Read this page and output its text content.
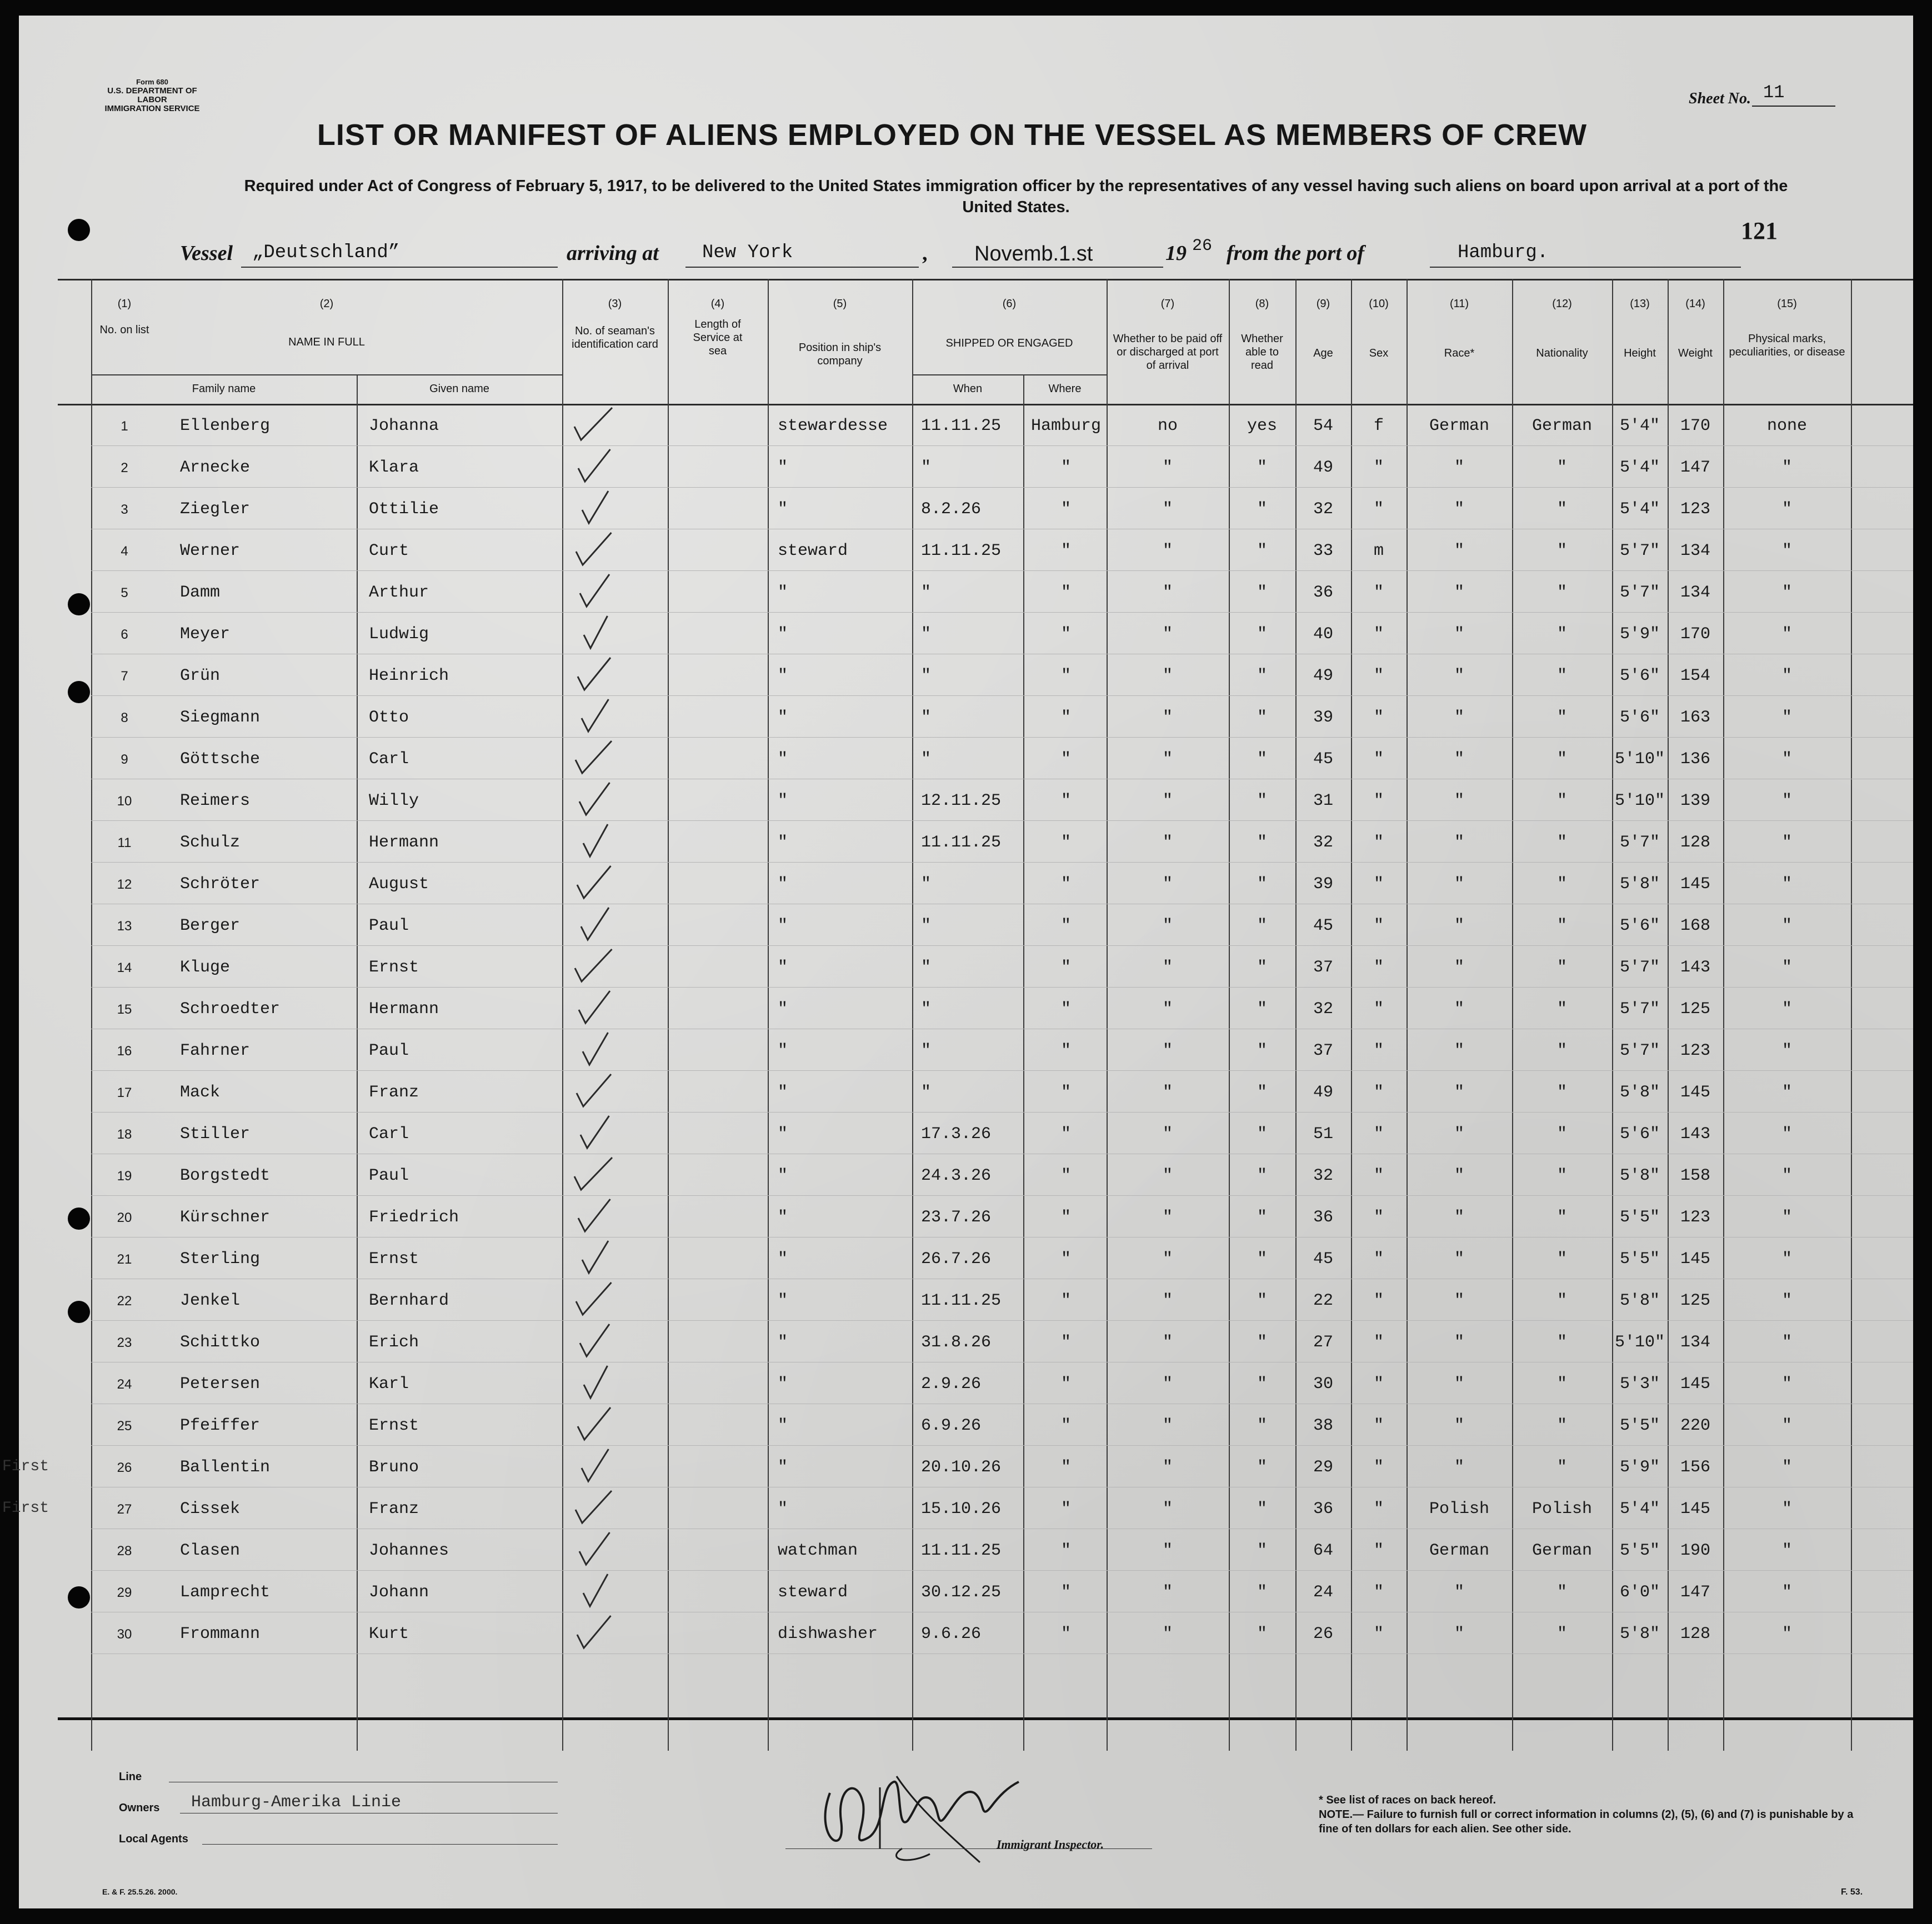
Form 680
U.S. DEPARTMENT OF LABOR
IMMIGRATION SERVICE
Sheet No. 11
LIST OR MANIFEST OF ALIENS EMPLOYED ON THE VESSEL AS MEMBERS OF CREW
Required under Act of Congress of February 5, 1917, to be delivered to the United States immigration officer by the representatives of any vessel having such aliens on board upon arrival at a port of the United States.
121
Vessel „Deutschland”	arriving at New York	, Novemb.1.st	19 26 from the port of	Hamburg.
(1)
No. on list
(2)
NAME IN FULL
Family name	Given name
(3)
No. of seaman's identification card
(4)
Length of Service at sea
(5)
Position in ship's company
(6)
SHIPPED OR ENGAGED
When	Where
(7)
Whether to be paid off or discharged at port of arrival
(8)
Whether able to read
(9)
Age
(10)
Sex
(11)
Race*
(12)
Nationality
(13)
Height
(14)
Weight
(15)
Physical marks, peculiarities, or disease
1	Ellenberg	Johanna	stewardesse	11.11.25	Hamburg	no	yes	54	f	German	German	5'4"	170	none
2	Arnecke	Klara	"	"	"	"	"	49	"	"	"	5'4"	147	"
3	Ziegler	Ottilie	"	8.2.26	"	"	"	32	"	"	"	5'4"	123	"
4	Werner	Curt	steward	11.11.25	"	"	"	33	m	"	"	5'7"	134	"
5	Damm	Arthur	"	"	"	"	"	36	"	"	"	5'7"	134	"
6	Meyer	Ludwig	"	"	"	"	"	40	"	"	"	5'9"	170	"
7	Grün	Heinrich	"	"	"	"	"	49	"	"	"	5'6"	154	"
8	Siegmann	Otto	"	"	"	"	"	39	"	"	"	5'6"	163	"
9	Göttsche	Carl	"	"	"	"	"	45	"	"	"	5'10" 136	"
10	Reimers	Willy	"	12.11.25	"	"	"	31	"	"	"	5'10" 139	"
11	Schulz	Hermann	"	11.11.25	"	"	"	32	"	"	"	5'7"	128	"
12	Schröter	August	"	"	"	"	"	39	"	"	"	5'8"	145	"
13	Berger	Paul	"	"	"	"	"	45	"	"	"	5'6"	168	"
14	Kluge	Ernst	"	"	"	"	"	37	"	"	"	5'7"	143	"
15	Schroedter	Hermann	"	"	"	"	"	32	"	"	"	5'7"	125	"
16	Fahrner	Paul	"	"	"	"	"	37	"	"	"	5'7"	123	"
17	Mack	Franz	"	"	"	"	"	49	"	"	"	5'8"	145	"
18	Stiller	Carl	"	17.3.26	"	"	"	51	"	"	"	5'6"	143	"
19	Borgstedt	Paul	"	24.3.26	"	"	"	32	"	"	"	5'8"	158	"
20	Kürschner	Friedrich	"	23.7.26	"	"	"	36	"	"	"	5'5"	123	"
21	Sterling	Ernst	"	26.7.26	"	"	"	45	"	"	"	5'5"	145	"
22	Jenkel	Bernhard	"	11.11.25	"	"	"	22	"	"	"	5'8"	125	"
23	Schittko	Erich	"	31.8.26	"	"	"	27	"	"	"	5'10" 134	"
24	Petersen	Karl	"	2.9.26	"	"	"	30	"	"	"	5'3"	145	"
25	Pfeiffer	Ernst	"	6.9.26	"	"	"	38	"	"	"	5'5"	220	"
26	Ballentin	Bruno	"	20.10.26	"	"	"	29	"	"	"	5'9"	156	"
First
27	Cissek	Franz	"	15.10.26	"	"	"	36	"	Polish	Polish	5'4"	145	"
First
28	Clasen	Johannes	watchman	11.11.25	"	"	"	64	"	German	German	5'5"	190	"
29	Lamprecht	Johann	steward	30.12.25	"	"	"	24	"	"	"	6'0"	147	"
30	Frommann	Kurt	dishwasher	9.6.26	"	"	"	26	"	"	"	5'8"	128	"
Line
Owners Hamburg-Amerika Linie
Local Agents	Immigrant Inspector.
* See list of races on back hereof.
NOTE.— Failure to furnish full or correct information in columns (2), (5), (6) and (7) is punishable by a fine of ten dollars for each alien. See other side.
E. & F. 25.5.26. 2000.	F. 53.
